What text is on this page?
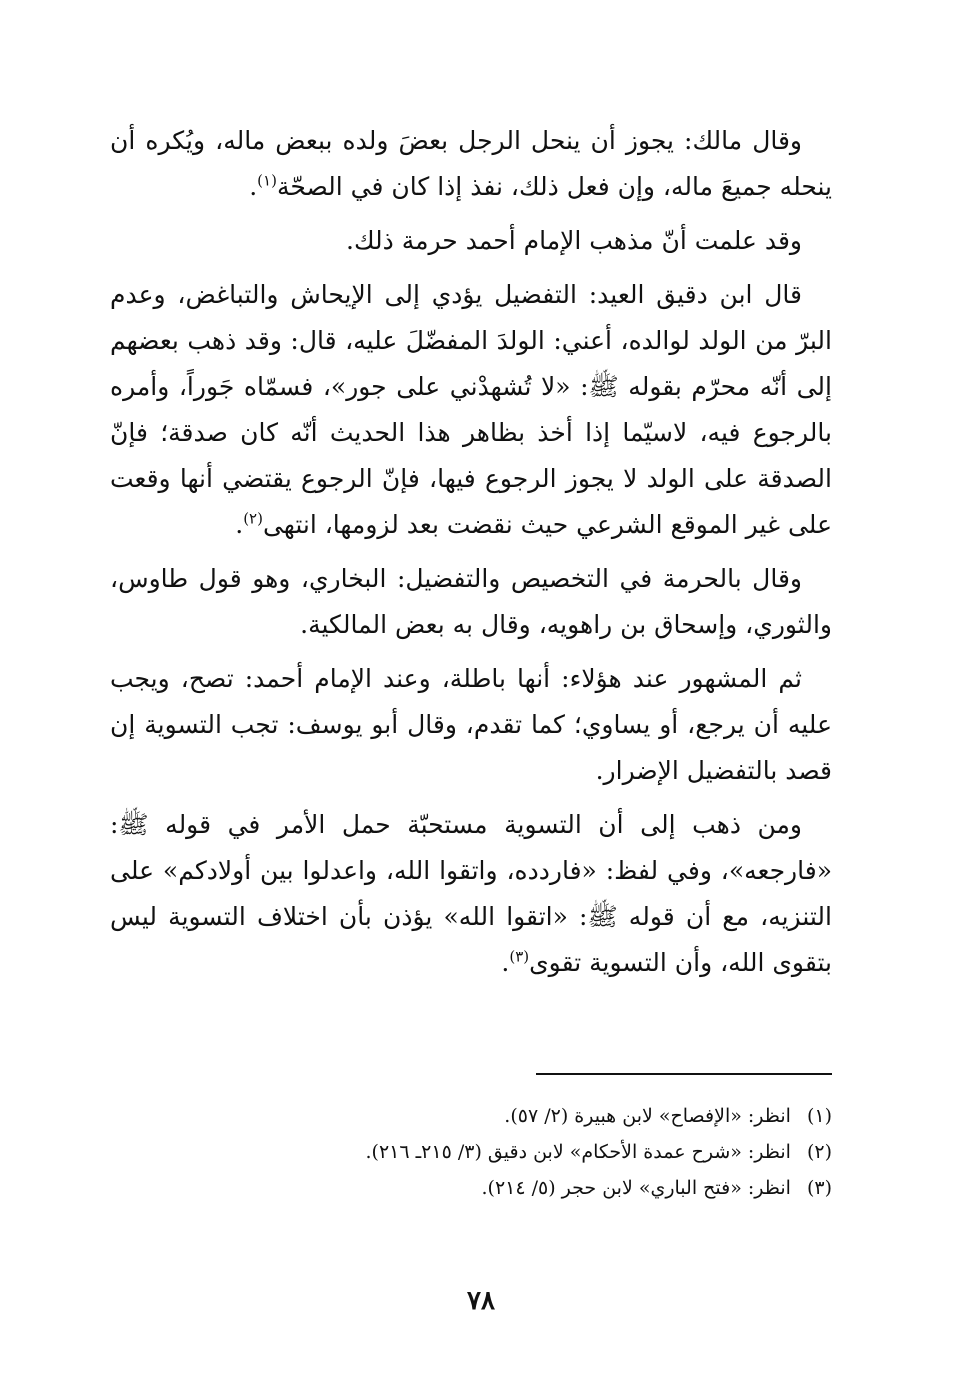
وقال مالك: يجوز أن ينحل الرجل بعضَ ولده ببعض ماله، ويُكره أن ينحله جميعَ ماله، وإن فعل ذلك، نفذ إذا كان في الصحّة$^{(١)}$.

وقد علمت أنّ مذهب الإمام أحمد حرمة ذلك.

قال ابن دقيق العيد: التفضيل يؤدي إلى الإيحاش والتباغض، وعدم البرّ من الولد لوالده، أعني: الولدَ المفضّلَ عليه، قال: وقد ذهب بعضهم إلى أنّه محرّم بقوله ﷺ: «لا تُشهدْني على جور»، فسمّاه جَوراً، وأمره بالرجوع فيه، لاسيّما إذا أخذ بظاهر هذا الحديث أنّه كان صدقة؛ فإنّ الصدقة على الولد لا يجوز الرجوع فيها، فإنّ الرجوع يقتضي أنها وقعت على غير الموقع الشرعي حيث نقضت بعد لزومها، انتهى$^{(٢)}$.

وقال بالحرمة في التخصيص والتفضيل: البخاري، وهو قول طاوس، والثوري، وإسحاق بن راهويه، وقال به بعض المالكية.

ثم المشهور عند هؤلاء: أنها باطلة، وعند الإمام أحمد: تصح، ويجب عليه أن يرجع، أو يساوي؛ كما تقدم، وقال أبو يوسف: تجب التسوية إن قصد بالتفضيل الإضرار.

ومن ذهب إلى أن التسوية مستحبّة حمل الأمر في قوله ﷺ: «فارجعه»، وفي لفظ: «فاردده، واتقوا الله، واعدلوا بين أولادكم» على التنزيه، مع أن قوله ﷺ: «اتقوا الله» يؤذن بأن اختلاف التسوية ليس بتقوى الله، وأن التسوية تقوى$^{(٣)}$.

(١)انظر: «الإفصاح» لابن هبيرة (٢/ ٥٧).
(٢)انظر: «شرح عمدة الأحكام» لابن دقيق (٣/ ٢١٥ـ ٢١٦).
(٣)انظر: «فتح الباري» لابن حجر (٥/ ٢١٤).
٧٨
